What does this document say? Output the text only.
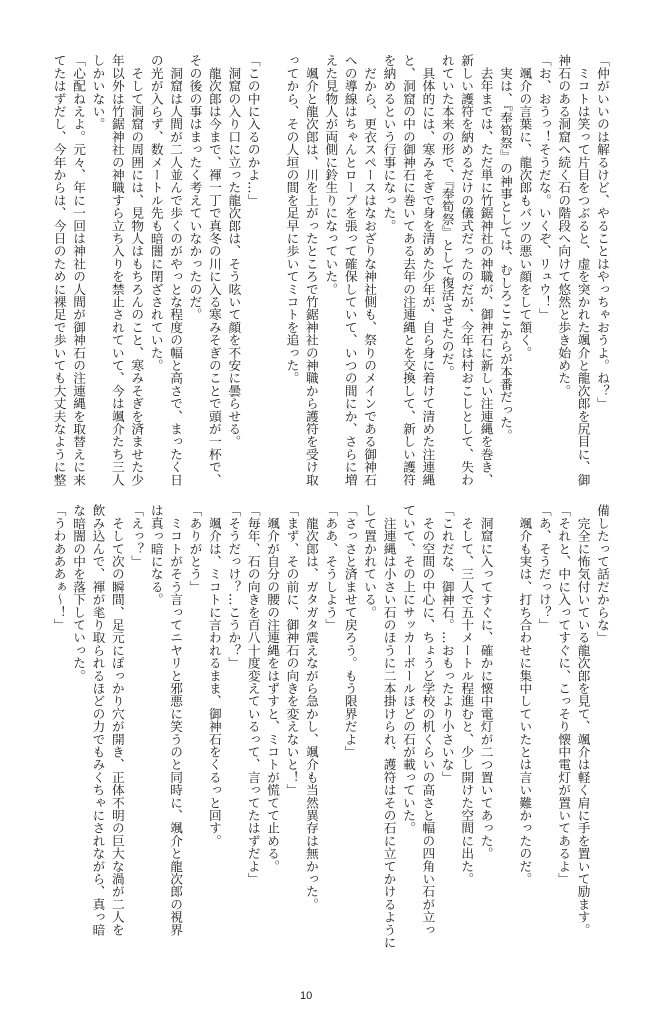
「仲がいいのは解るけど、やることはやっちゃおうよ。ね？」
　ミコトは笑って片目をつぶると、虚を突かれた颯介と龍次郎を尻目に、御
神石のある洞窟へ続く石の階段へ向けて悠然と歩き始めた。
「お、おうっ！そうだな。いくぞ、リュウ！」
　颯介の言葉に、龍次郎もバツの悪い顔をして頷く。
　実は、『奉筍祭』の神事としては、むしろここからが本番だった。
　去年までは、ただ単に竹鋸神社の神職が、御神石に新しい注連縄を巻き、
新しい護符を納めるだけの儀式だったのだが、今年は村おこしとして、失わ
れていた本来の形で、『奉筍祭』として復活させたのだ。
　具体的には、寒みそぎで身を清めた少年が、自ら身に着けて清めた注連縄
と、洞窟の中の御神石に巻いてある去年の注連縄とを交換して、新しい護符
を納めるという行事になった。
　だから、更衣スペースはなおざりな神社側も、祭りのメインである御神石
への導線はちゃんとロープを張って確保していて、いつの間にか、さらに増
えた見物人が両側に鈴生りになっていた。
　颯介と龍次郎は、川を上がったところで竹鋸神社の神職から護符を受け取
ってから、その人垣の間を足早に歩いてミコトを追った。
「この中に入るのかよ…」
　洞窟の入り口に立った龍次郎は、そう呟いて顔を不安に曇らせる。
　龍次郎は今まで、褌一丁で真冬の川に入る寒みそぎのことで頭が一杯で、
その後の事はまったく考えていなかったのだ。
　洞窟は人間が二人並んで歩くのがやっとな程度の幅と高さで、まったく日
の光が入らず、数メートル先も暗闇に閉ざされていた。
　そして洞窟の周囲には、見物人はもちろんのこと、寒みそぎを済ませた少
年以外は竹鋸神社の神職すら立ち入りを禁止されていて、今は颯介たち三人
しかいない。
「心配ねえよ。元々、年に一回は神社の人間が御神石の注連縄を取替えに来
てたはずだし、今年からは、今日のために裸足で歩いても大丈夫なように整
備したって話だからな」
　完全に怖気付いている龍次郎を見て、颯介は軽く肩に手を置いて励ます。
「それと、中に入ってすぐに、こっそり懐中電灯が置いてあるよ」
「あ、そうだっけ？」
　颯介も実は、打ち合わせに集中していたとは言い難かったのだ。
　洞窟に入ってすぐに、確かに懐中電灯が二つ置いてあった。
　そして、三人で五十メートル程進むと、少し開けた空間に出た。
「これだな、御神石。…おもったより小さいな」
　その空間の中心に、ちょうど学校の机くらいの高さと幅の四角い石が立っ
ていて、その上にサッカーボールほどの石が載っていた。
　注連縄は小さい石のほうに二本掛けられ、護符はその石に立てかけるように
して置かれている。
「さっさと済ませて戻ろう。もう限界だよ」
「ああ、そうしよう」
　龍次郎は、ガタガタ震えながら急かし、颯介も当然異存は無かった。
「まず、その前に、御神石の向きを変えないと！」
　颯介が自分の腰の注連縄をはずすと、ミコトが慌てて止める。
「毎年、石の向きを百八十度変えているって、言ってたはずだよ」
「そうだっけ？…こうか？」
　颯介は、ミコトに言われるまま、御神石をくるっと回す。
「ありがとう」
　ミコトがそう言ってニヤリと邪悪に笑うのと同時に、颯介と龍次郎の視界
は真っ暗になる。
「えっ？」
　そして次の瞬間、足元にぽっかり穴が開き、正体不明の巨大な渦が二人を
飲み込んで、褌が毟り取られるほどの力でもみくちゃにされながら、真っ暗
な暗闇の中を落下していった。
「うわあああぁ～！」
10
